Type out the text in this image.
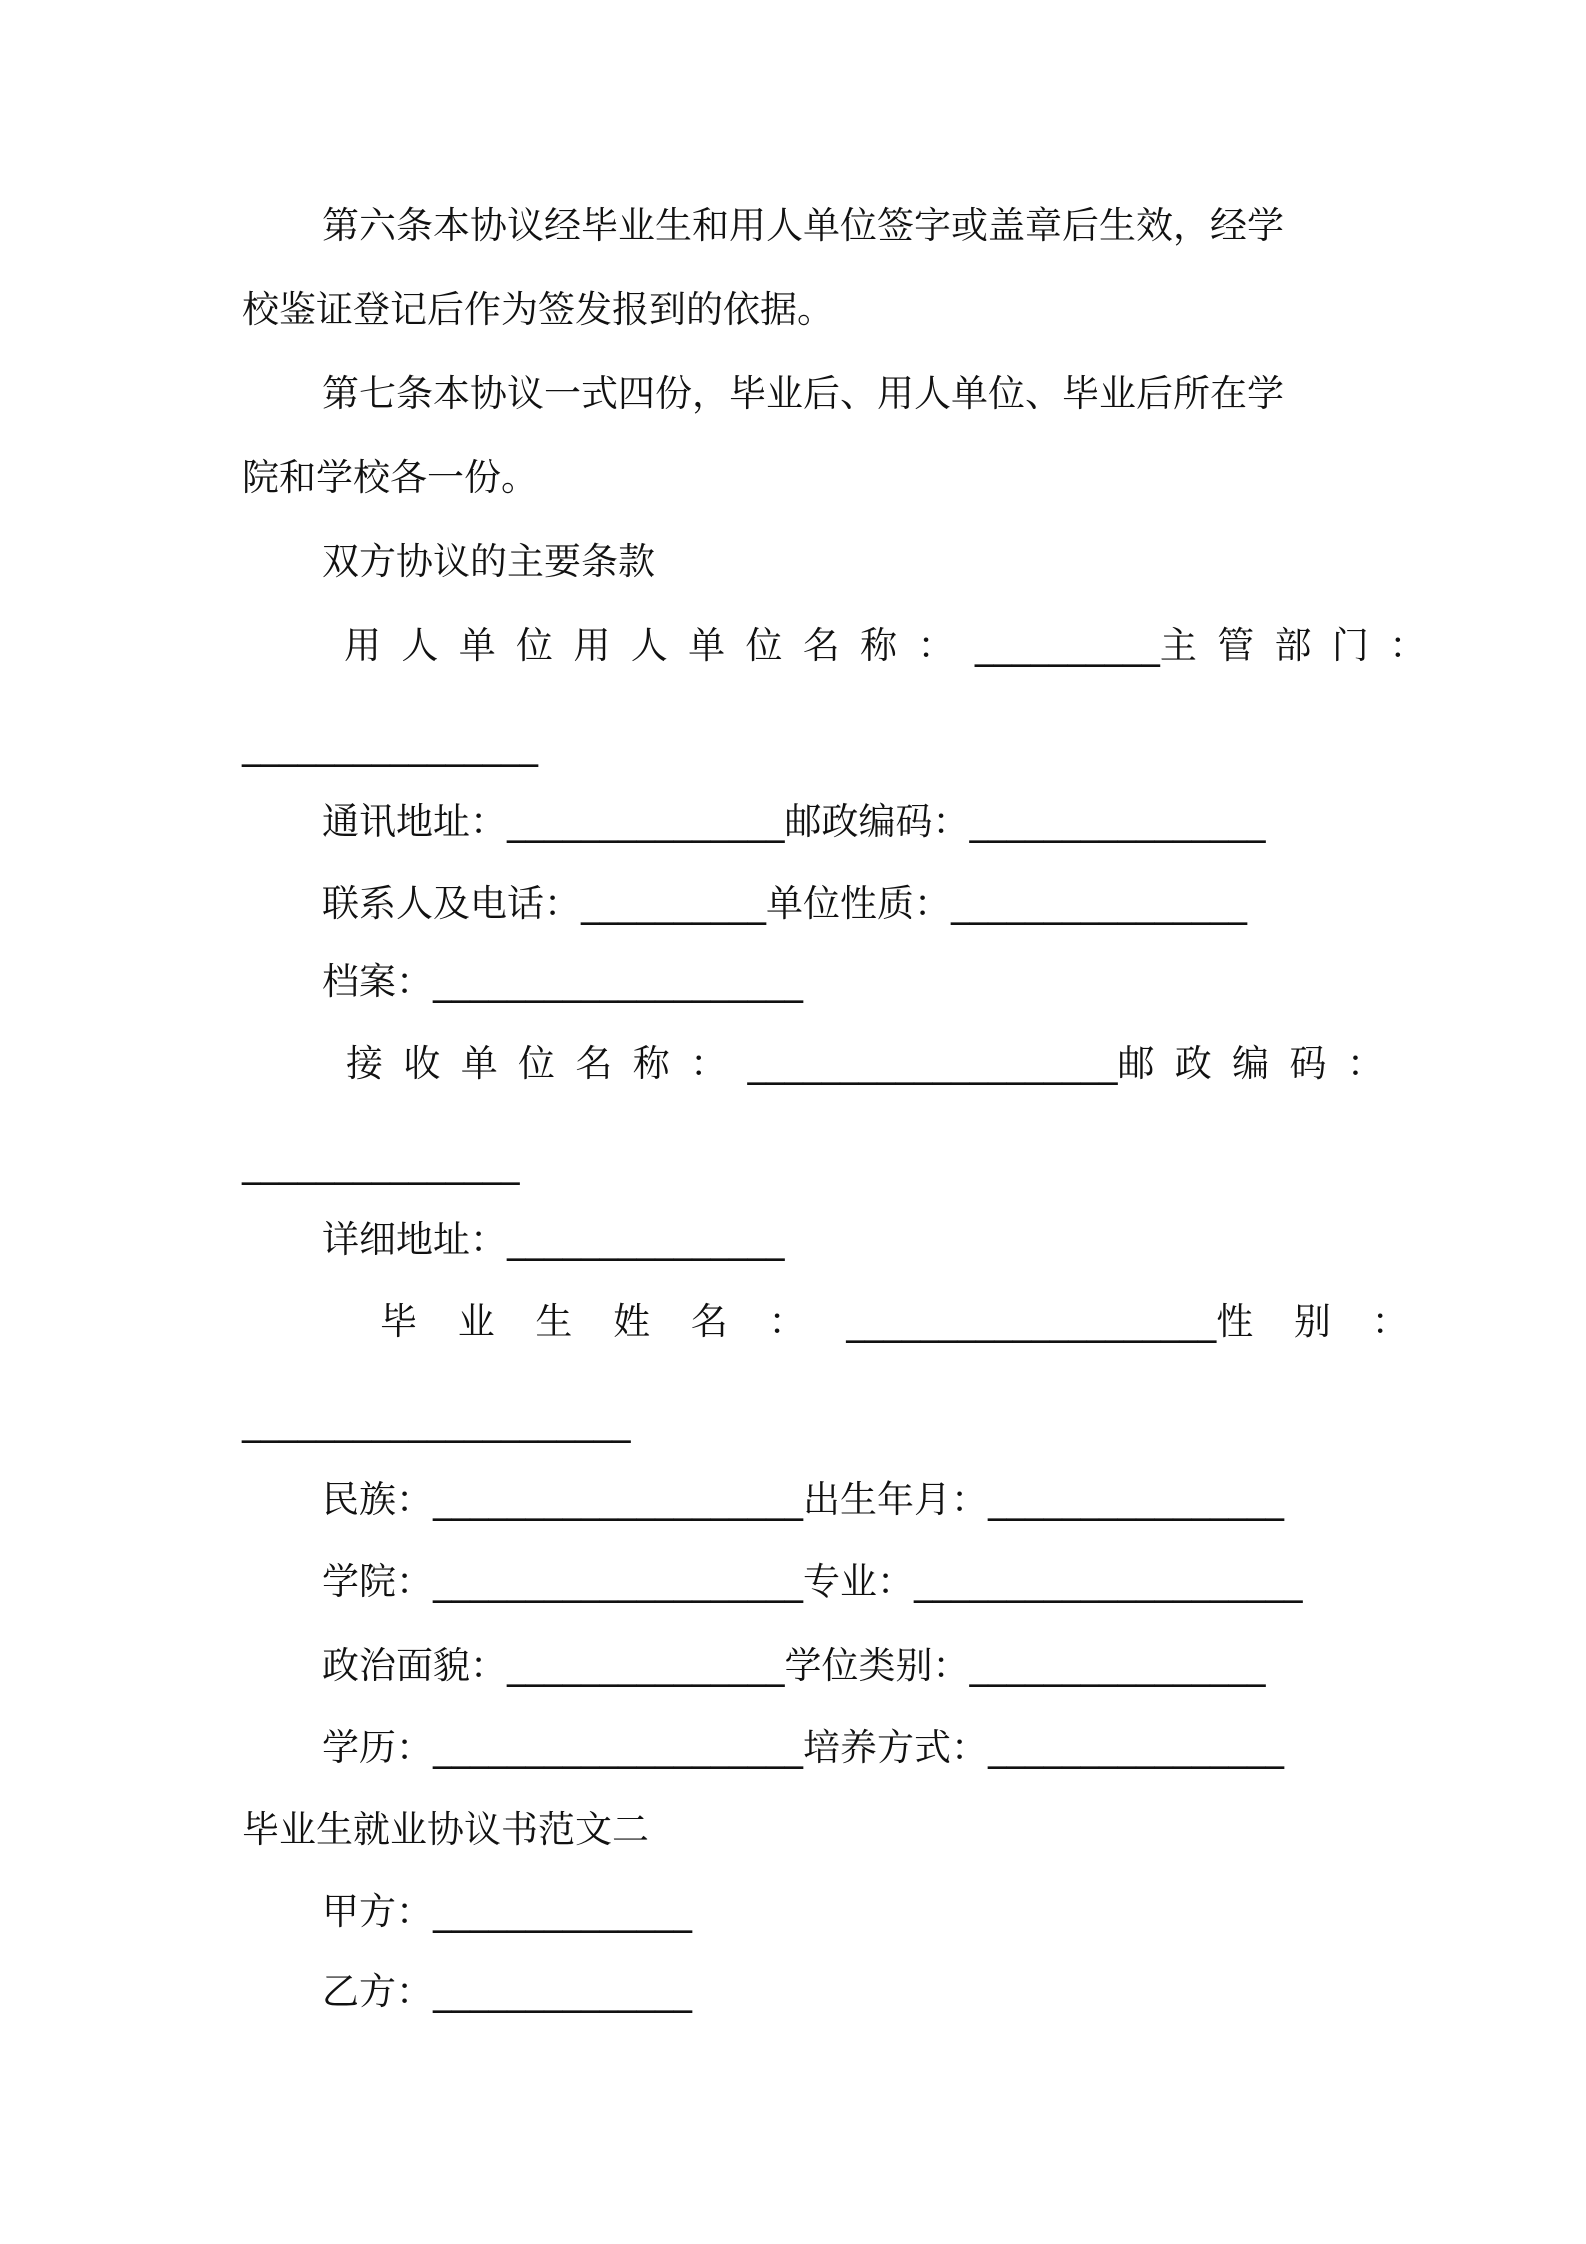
第六条本协议经毕业生和用人单位签字或盖章后生效，经学
校鉴证登记后作为签发报到的依据。
第七条本协议一式四份，毕业后、用人单位、毕业后所在学
院和学校各一份。
双方协议的主要条款
用人单位用人单位名称：__________主管部门：
________________
通讯地址：_______________邮政编码：________________
联系人及电话：__________单位性质：________________
档案：____________________
接收单位名称：____________________邮政编码：
_______________
详细地址：_______________
毕业生姓名：____________________性别：
_____________________
民族：____________________出生年月：________________
学院：____________________专业：_____________________
政治面貌：_______________学位类别：________________
学历：____________________培养方式：________________
毕业生就业协议书范文二
甲方：______________
乙方：______________
